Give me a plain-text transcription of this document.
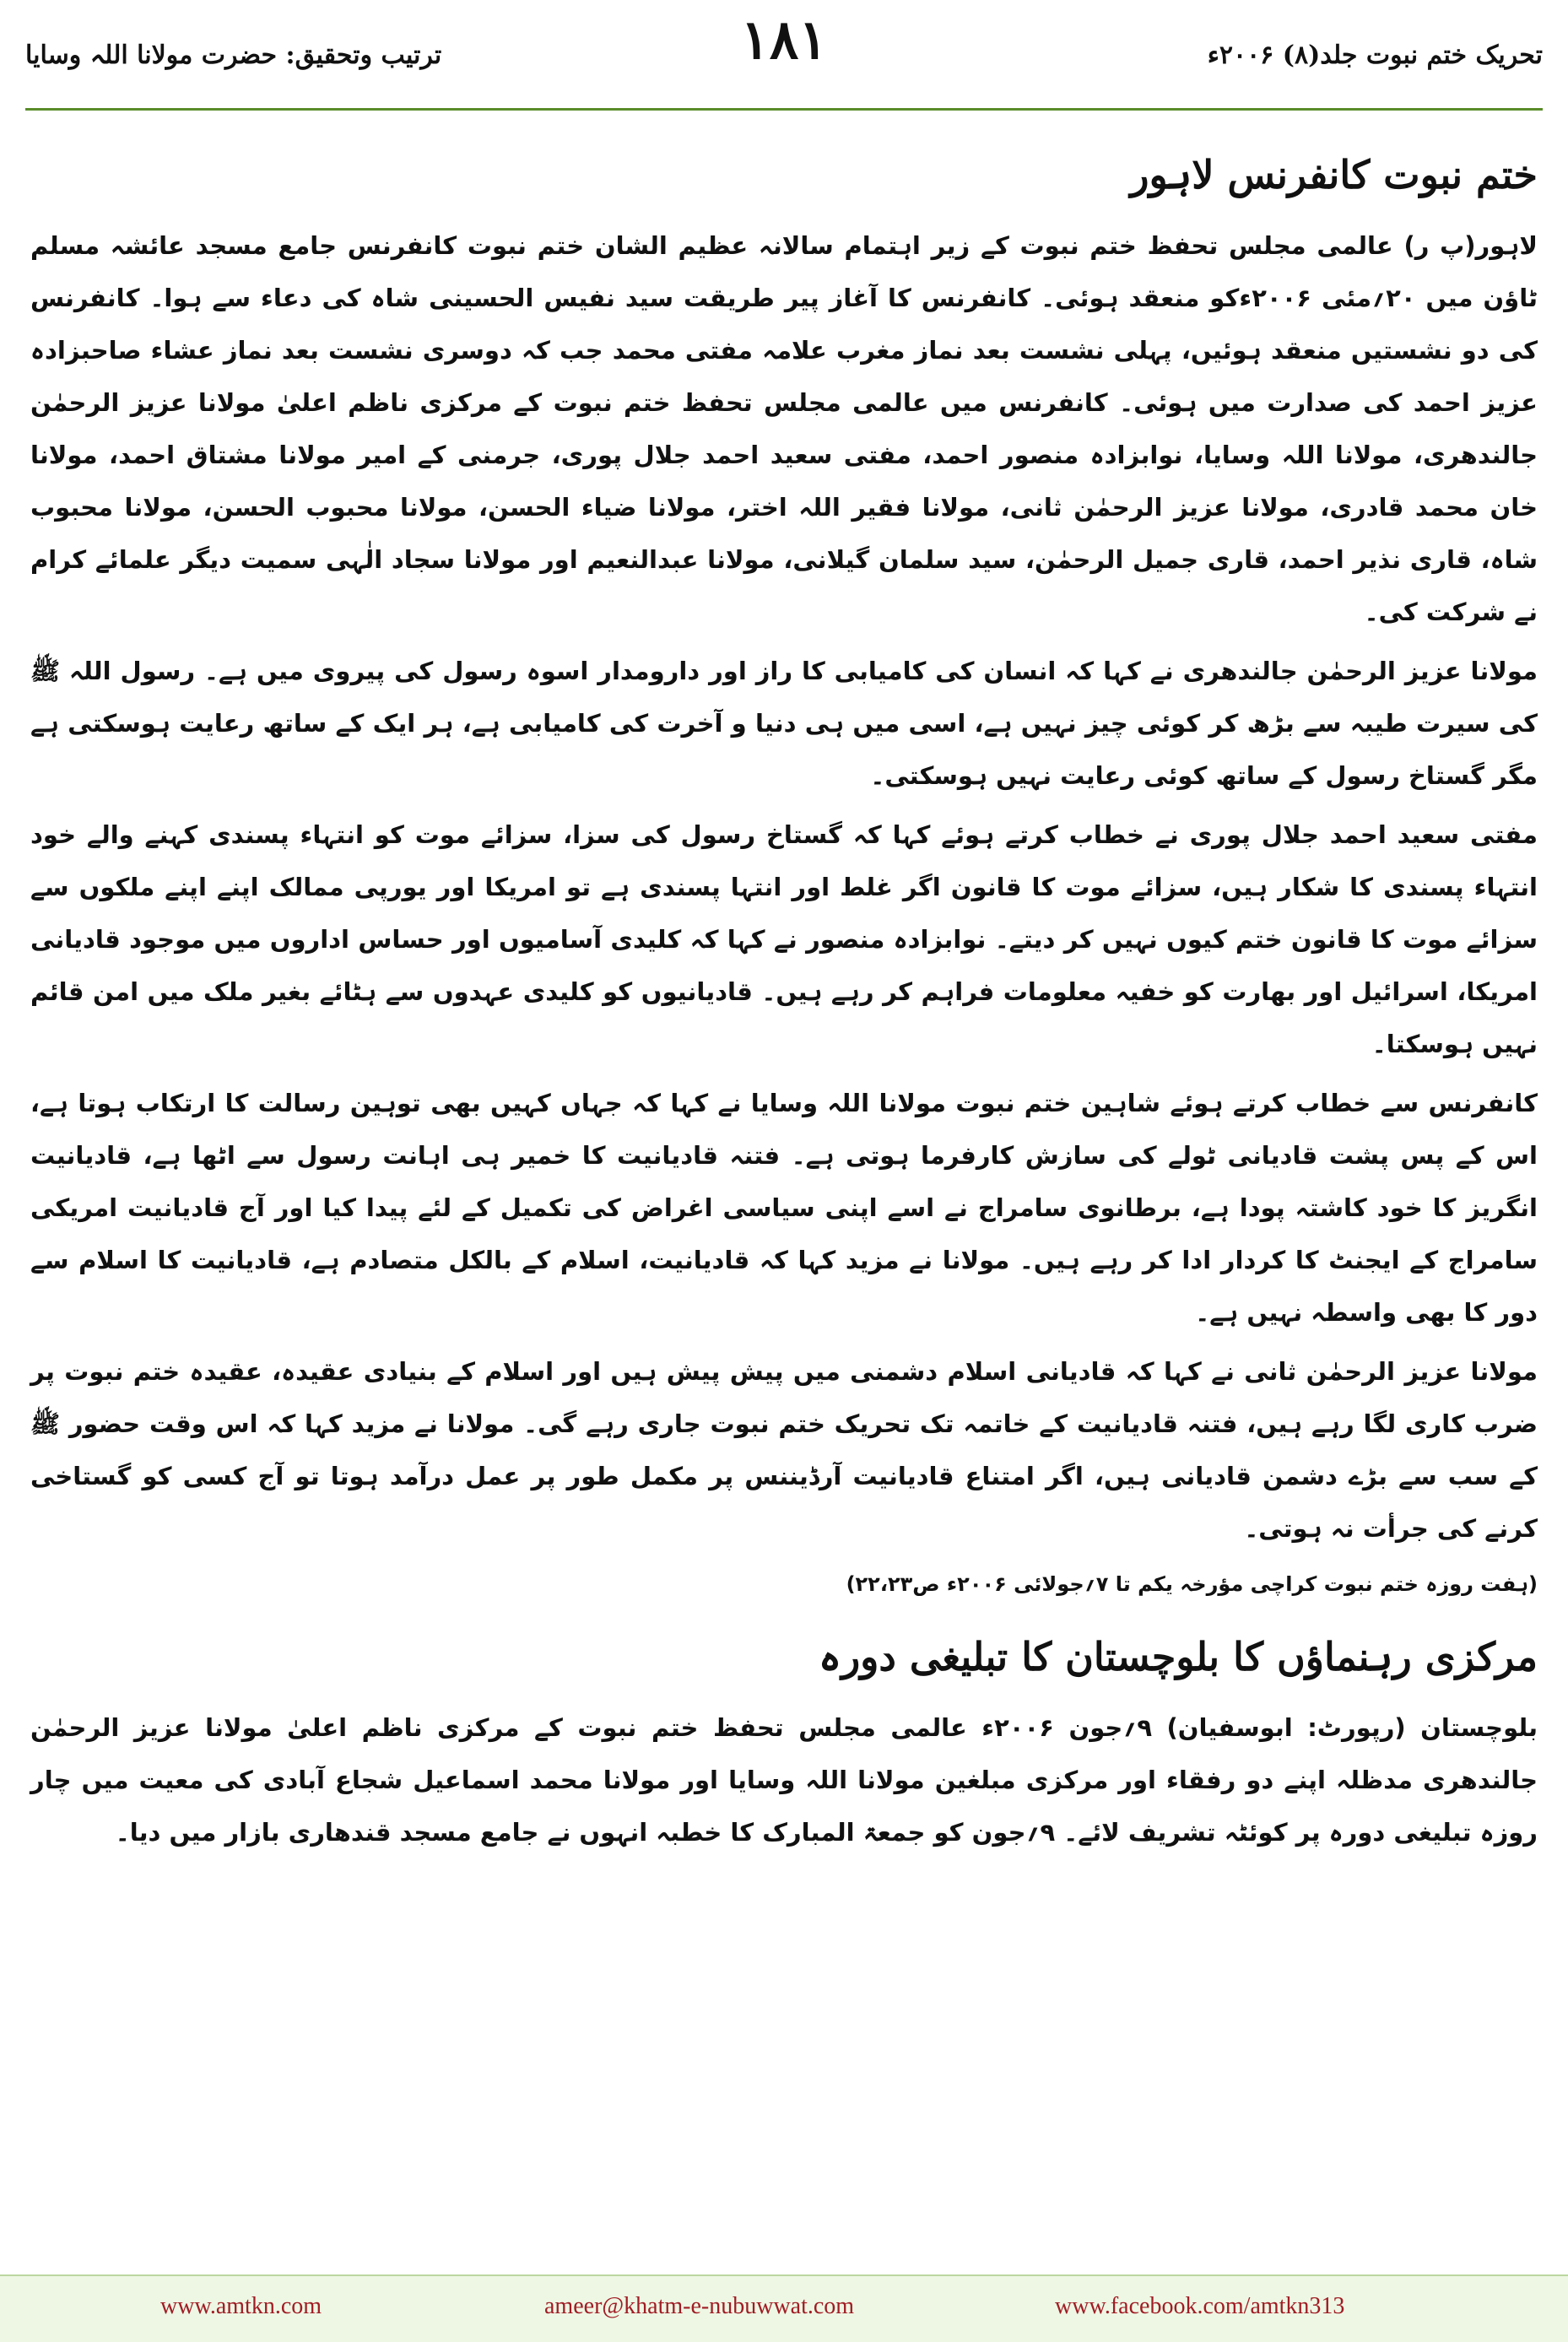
ترتیب وتحقیق: حضرت مولانا اللہ وسایا	۱۸۱	تحریک ختم نبوت جلد(۸) ۲۰۰۶ء
ختم نبوت کانفرنس لاہور

لاہور(پ ر) عالمی مجلس تحفظ ختم نبوت کے زیر اہتمام سالانہ عظیم الشان ختم نبوت کانفرنس جامع مسجد عائشہ مسلم ٹاؤن میں ۲۰؍مئی ۲۰۰۶ءکو منعقد ہوئی۔ کانفرنس کا آغاز پیر طریقت سید نفیس الحسینی شاہ کی دعاء سے ہوا۔ کانفرنس کی دو نشستیں منعقد ہوئیں، پہلی نشست بعد نماز مغرب علامہ مفتی محمد جب کہ دوسری نشست بعد نماز عشاء صاحبزادہ عزیز احمد کی صدارت میں ہوئی۔ کانفرنس میں عالمی مجلس تحفظ ختم نبوت کے مرکزی ناظم اعلیٰ مولانا عزیز الرحمٰن جالندھری، مولانا اللہ وسایا، نوابزادہ منصور احمد، مفتی سعید احمد جلال پوری، جرمنی کے امیر مولانا مشتاق احمد، مولانا خان محمد قادری، مولانا عزیز الرحمٰن ثانی، مولانا فقیر اللہ اختر، مولانا ضیاء الحسن، مولانا محبوب الحسن، مولانا محبوب شاہ، قاری نذیر احمد، قاری جمیل الرحمٰن، سید سلمان گیلانی، مولانا عبدالنعیم اور مولانا سجاد الٰہی سمیت دیگر علمائے کرام نے شرکت کی۔

مولانا عزیز الرحمٰن جالندھری نے کہا کہ انسان کی کامیابی کا راز اور دارومدار اسوہ رسول کی پیروی میں ہے۔ رسول اللہ ﷺ کی سیرت طیبہ سے بڑھ کر کوئی چیز نہیں ہے، اسی میں ہی دنیا و آخرت کی کامیابی ہے، ہر ایک کے ساتھ رعایت ہوسکتی ہے مگر گستاخ رسول کے ساتھ کوئی رعایت نہیں ہوسکتی۔

مفتی سعید احمد جلال پوری نے خطاب کرتے ہوئے کہا کہ گستاخ رسول کی سزا، سزائے موت کو انتہاء پسندی کہنے والے خود انتہاء پسندی کا شکار ہیں، سزائے موت کا قانون اگر غلط اور انتہا پسندی ہے تو امریکا اور یورپی ممالک اپنے اپنے ملکوں سے سزائے موت کا قانون ختم کیوں نہیں کر دیتے۔ نوابزادہ منصور نے کہا کہ کلیدی آسامیوں اور حساس اداروں میں موجود قادیانی امریکا، اسرائیل اور بھارت کو خفیہ معلومات فراہم کر رہے ہیں۔ قادیانیوں کو کلیدی عہدوں سے ہٹائے بغیر ملک میں امن قائم نہیں ہوسکتا۔

کانفرنس سے خطاب کرتے ہوئے شاہین ختم نبوت مولانا اللہ وسایا نے کہا کہ جہاں کہیں بھی توہین رسالت کا ارتکاب ہوتا ہے، اس کے پس پشت قادیانی ٹولے کی سازش کارفرما ہوتی ہے۔ فتنہ قادیانیت کا خمیر ہی اہانت رسول سے اٹھا ہے، قادیانیت انگریز کا خود کاشتہ پودا ہے، برطانوی سامراج نے اسے اپنی سیاسی اغراض کی تکمیل کے لئے پیدا کیا اور آج قادیانیت امریکی سامراج کے ایجنٹ کا کردار ادا کر رہے ہیں۔ مولانا نے مزید کہا کہ قادیانیت، اسلام کے بالکل متصادم ہے، قادیانیت کا اسلام سے دور کا بھی واسطہ نہیں ہے۔

مولانا عزیز الرحمٰن ثانی نے کہا کہ قادیانی اسلام دشمنی میں پیش پیش ہیں اور اسلام کے بنیادی عقیدہ، عقیدہ ختم نبوت پر ضرب کاری لگا رہے ہیں، فتنہ قادیانیت کے خاتمہ تک تحریک ختم نبوت جاری رہے گی۔ مولانا نے مزید کہا کہ اس وقت حضور ﷺ کے سب سے بڑے دشمن قادیانی ہیں، اگر امتناع قادیانیت آرڈیننس پر مکمل طور پر عمل درآمد ہوتا تو آج کسی کو گستاخی کرنے کی جرأت نہ ہوتی۔

(ہفت روزہ ختم نبوت کراچی مؤرخہ یکم تا ۷؍جولائی ۲۰۰۶ء ص۲۲،۲۳)
مرکزی رہنماؤں کا بلوچستان کا تبلیغی دورہ

بلوچستان (رپورٹ: ابوسفیان) ۹؍جون ۲۰۰۶ء عالمی مجلس تحفظ ختم نبوت کے مرکزی ناظم اعلیٰ مولانا عزیز الرحمٰن جالندھری مدظلہ اپنے دو رفقاء اور مرکزی مبلغین مولانا اللہ وسایا اور مولانا محمد اسماعیل شجاع آبادی کی معیت میں چار روزہ تبلیغی دورہ پر کوئٹہ تشریف لائے۔ ۹؍جون کو جمعۃ المبارک کا خطبہ انہوں نے جامع مسجد قندھاری بازار میں دیا۔

www.amtkn.com	ameer@khatm-e-nubuwwat.com	www.facebook.com/amtkn313
